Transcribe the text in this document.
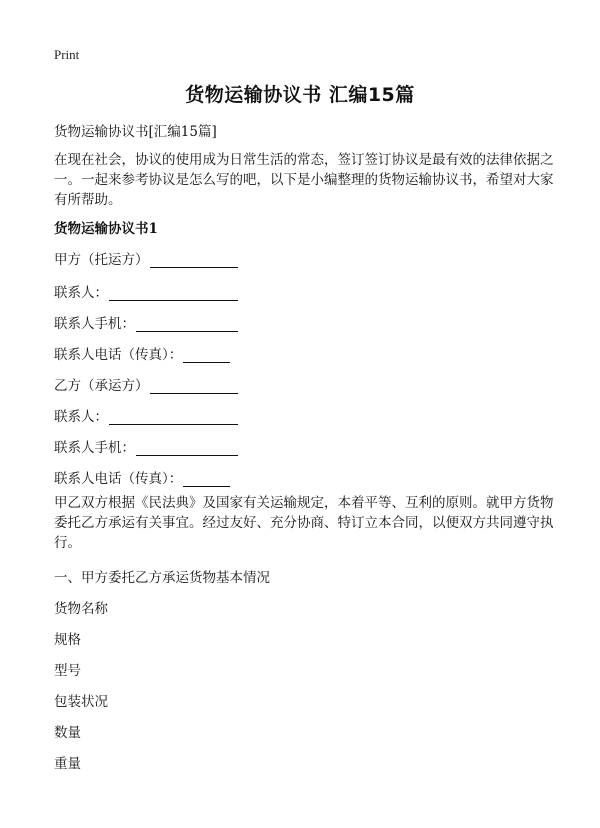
Print
货物运输协议书 汇编15篇
货物运输协议书[汇编15篇]
在现在社会，协议的使用成为日常生活的常态，签订签订协议是最有效的法律依据之一。一起来参考协议是怎么写的吧，以下是小编整理的货物运输协议书，希望对大家有所帮助。
货物运输协议书1
甲方（托运方）
联系人：
联系人手机：
联系人电话（传真）：
乙方（承运方）
联系人：
联系人手机：
联系人电话（传真）：
甲乙双方根据《民法典》及国家有关运输规定，本着平等、互利的原则。就甲方货物委托乙方承运有关事宜。经过友好、充分协商、特订立本合同，以便双方共同遵守执行。
一、甲方委托乙方承运货物基本情况
货物名称
规格
型号
包装状况
数量
重量
